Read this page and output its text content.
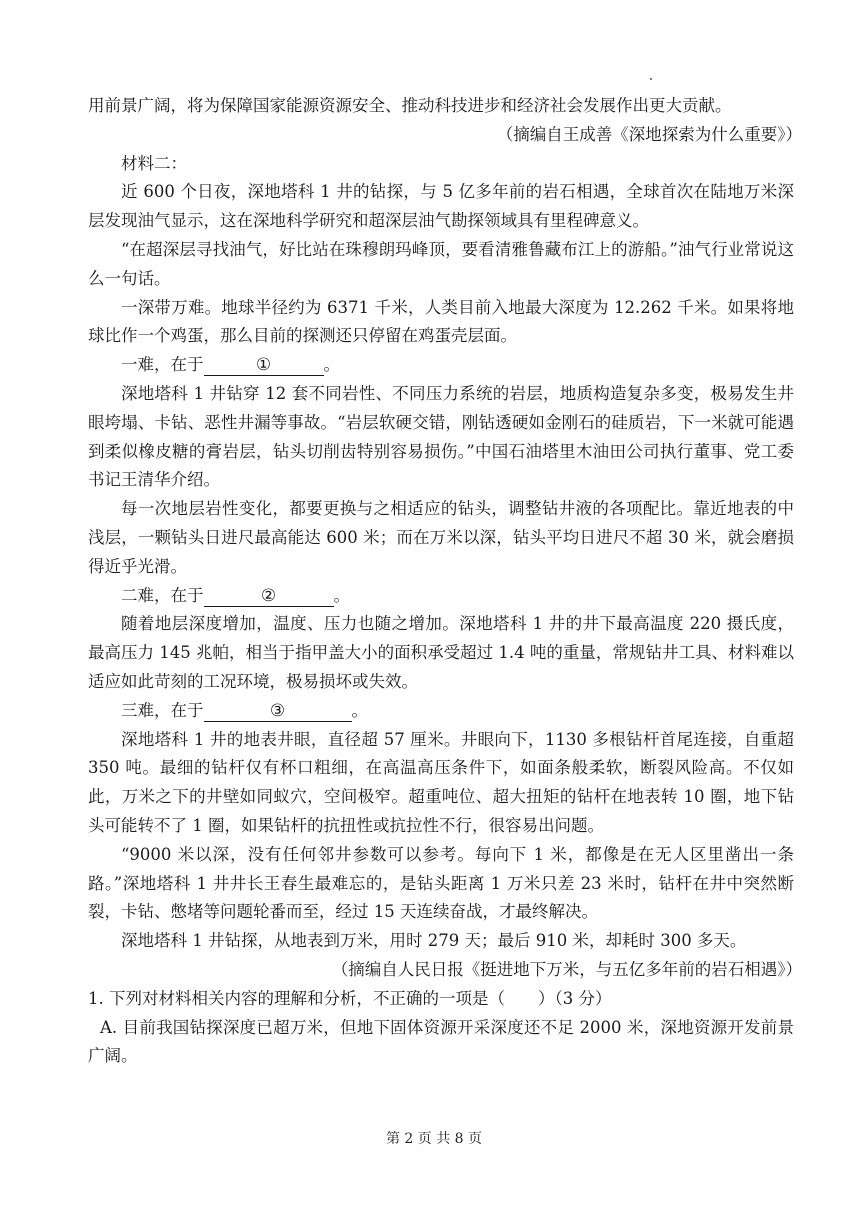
用前景广阔，将为保障国家能源资源安全、推动科技进步和经济社会发展作出更大贡献。

（摘编自王成善《深地探索为什么重要》）

材料二：

近 600 个日夜，深地塔科 1 井的钻探，与 5 亿多年前的岩石相遇，全球首次在陆地万米深层发现油气显示，这在深地科学研究和超深层油气勘探领域具有里程碑意义。

“在超深层寻找油气，好比站在珠穆朗玛峰顶，要看清雅鲁藏布江上的游船。”油气行业常说这么一句话。

一深带万难。地球半径约为 6371 千米，人类目前入地最大深度为 12.262 千米。如果将地球比作一个鸡蛋，那么目前的探测还只停留在鸡蛋壳层面。

一难，在于	①	。

深地塔科 1 井钻穿 12 套不同岩性、不同压力系统的岩层，地质构造复杂多变，极易发生井眼垮塌、卡钻、恶性井漏等事故。“岩层软硬交错，刚钻透硬如金刚石的硅质岩，下一米就可能遇到柔似橡皮糖的膏岩层，钻头切削齿特别容易损伤。”中国石油塔里木油田公司执行董事、党工委书记王清华介绍。

每一次地层岩性变化，都要更换与之相适应的钻头，调整钻井液的各项配比。靠近地表的中浅层，一颗钻头日进尺最高能达 600 米；而在万米以深，钻头平均日进尺不超 30 米，就会磨损得近乎光滑。

二难，在于	②	。

随着地层深度增加，温度、压力也随之增加。深地塔科 1 井的井下最高温度 220 摄氏度，最高压力 145 兆帕，相当于指甲盖大小的面积承受超过 1.4 吨的重量，常规钻井工具、材料难以适应如此苛刻的工况环境，极易损坏或失效。

三难，在于	③	。

深地塔科 1 井的地表井眼，直径超 57 厘米。井眼向下，1130 多根钻杆首尾连接，自重超 350 吨。最细的钻杆仅有杯口粗细，在高温高压条件下，如面条般柔软，断裂风险高。不仅如此，万米之下的井壁如同蚁穴，空间极窄。超重吨位、超大扭矩的钻杆在地表转 10 圈，地下钻头可能转不了 1 圈，如果钻杆的抗扭性或抗拉性不行，很容易出问题。

“9000 米以深，没有任何邻井参数可以参考。每向下 1 米，都像是在无人区里凿出一条路。”深地塔科 1 井井长王春生最难忘的，是钻头距离 1 万米只差 23 米时，钻杆在井中突然断裂，卡钻、憋堵等问题轮番而至，经过 15 天连续奋战，才最终解决。

深地塔科 1 井钻探，从地表到万米，用时 279 天；最后 910 米，却耗时 300 多天。

（摘编自人民日报《挺进地下万米，与五亿多年前的岩石相遇》）

1. 下列对材料相关内容的理解和分析，不正确的一项是（　　）（3 分）

A. 目前我国钻探深度已超万米，但地下固体资源开采深度还不足 2000 米，深地资源开发前景广阔。

第 2 页 共 8 页
